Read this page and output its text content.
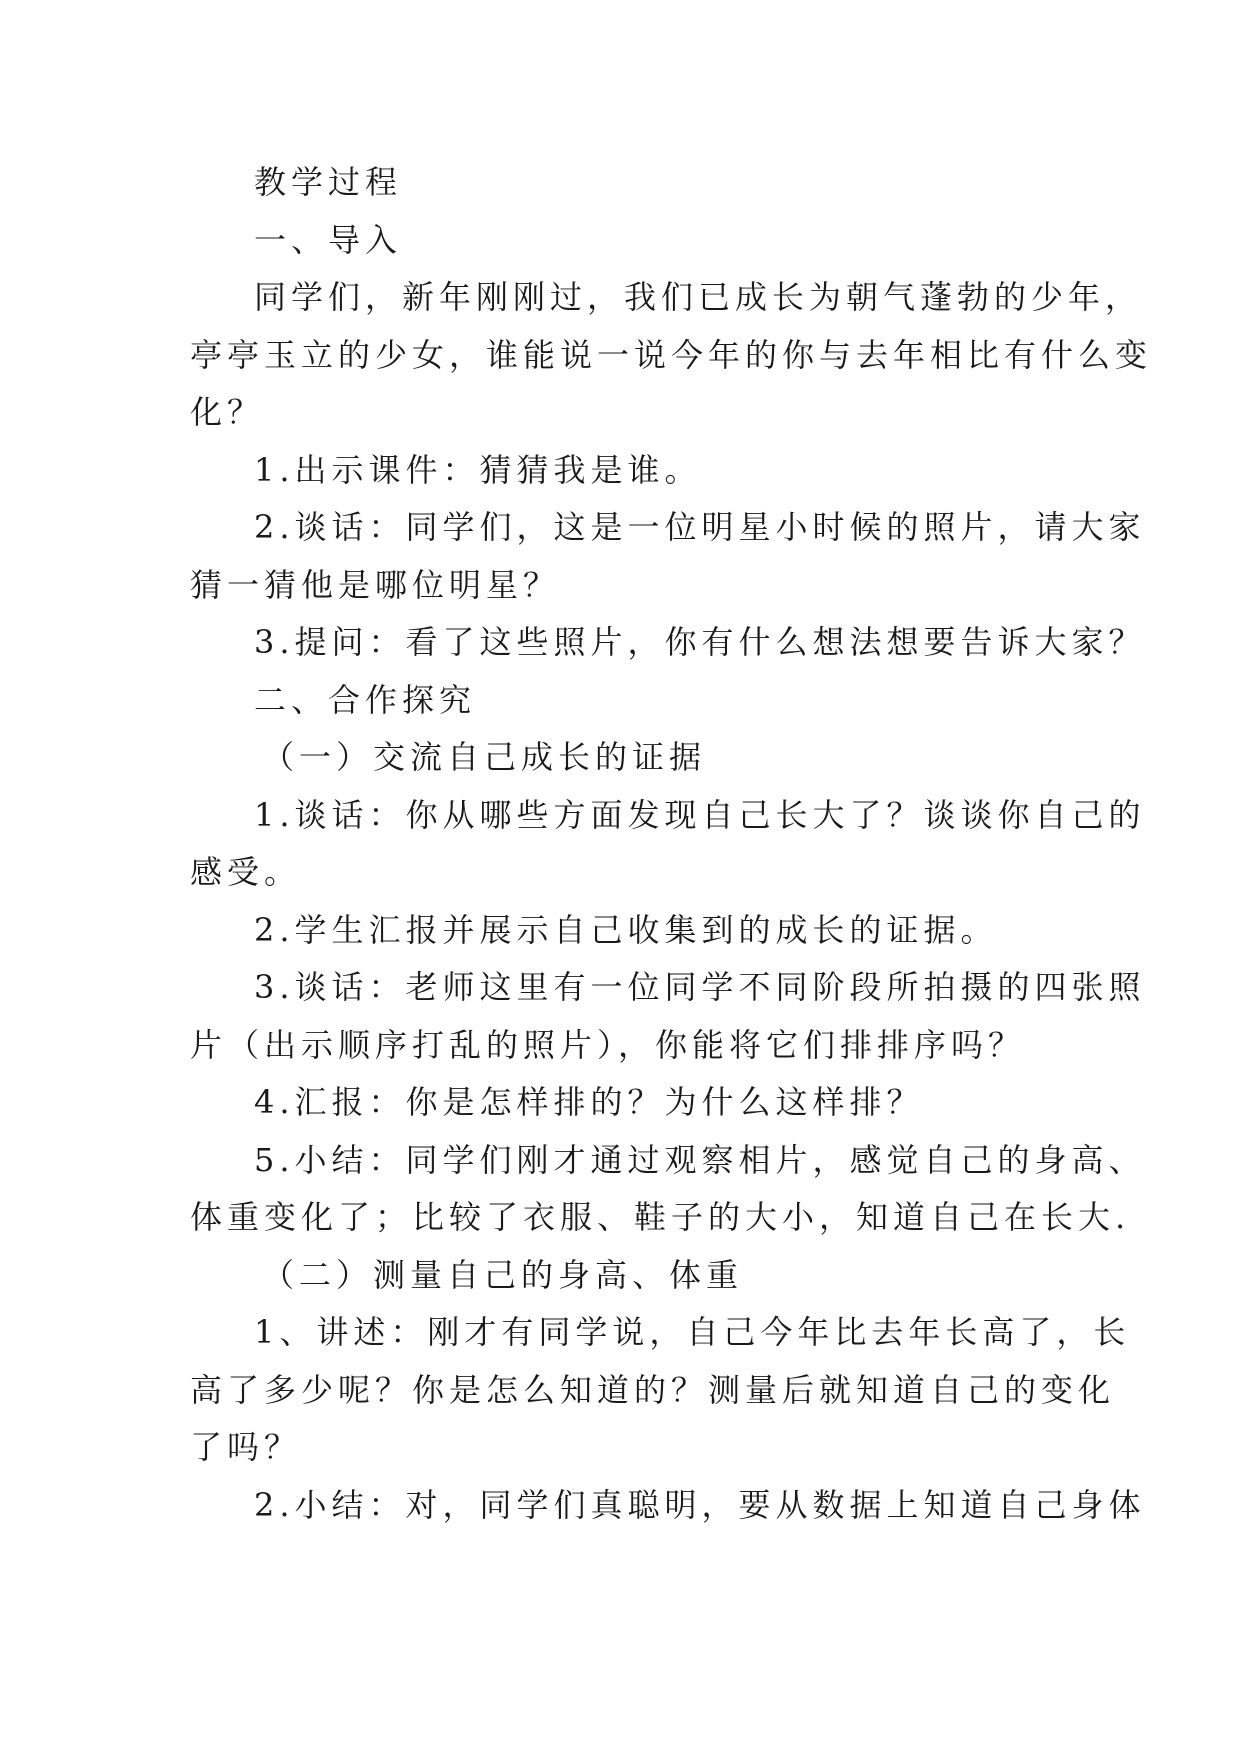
教学过程

一、导入

同学们，新年刚刚过，我们已成长为朝气蓬勃的少年，

亭亭玉立的少女，谁能说一说今年的你与去年相比有什么变

化？

1.出示课件：猜猜我是谁。

2.谈话：同学们，这是一位明星小时候的照片，请大家

猜一猜他是哪位明星？

3.提问：看了这些照片，你有什么想法想要告诉大家？

二、合作探究

（一）交流自己成长的证据

1.谈话：你从哪些方面发现自己长大了？谈谈你自己的

感受。

2.学生汇报并展示自己收集到的成长的证据。

3.谈话：老师这里有一位同学不同阶段所拍摄的四张照

片（出示顺序打乱的照片），你能将它们排排序吗？

4.汇报：你是怎样排的？为什么这样排？

5.小结：同学们刚才通过观察相片，感觉自己的身高、

体重变化了；比较了衣服、鞋子的大小，知道自己在长大.

（二）测量自己的身高、体重

1、讲述：刚才有同学说，自己今年比去年长高了，长

高了多少呢？你是怎么知道的？测量后就知道自己的变化

了吗？

2.小结：对，同学们真聪明，要从数据上知道自己身体
